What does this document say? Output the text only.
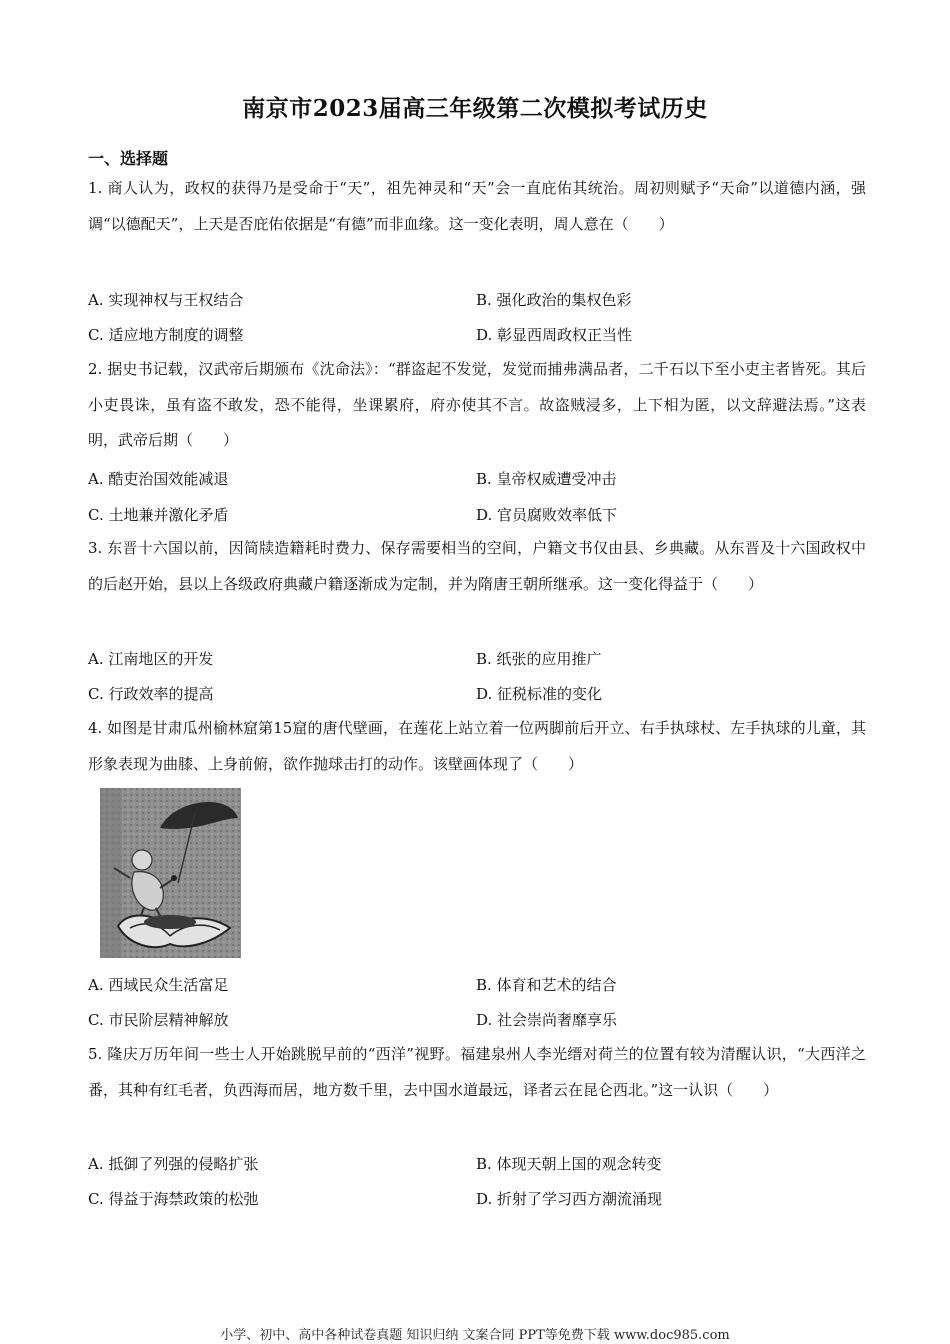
南京市2023届高三年级第二次模拟考试历史
一、选择题
1. 商人认为，政权的获得乃是受命于“天”，祖先神灵和“天”会一直庇佑其统治。周初则赋予“天命”以道德内涵，强调“以德配天”，上天是否庇佑依据是“有德”而非血缘。这一变化表明，周人意在（　　）
A. 实现神权与王权结合	B. 强化政治的集权色彩
C. 适应地方制度的调整	D. 彰显西周政权正当性
2. 据史书记载，汉武帝后期颁布《沈命法》：“群盗起不发觉，发觉而捕弗满品者，二千石以下至小吏主者皆死。其后小吏畏诛，虽有盗不敢发，恐不能得，坐课累府，府亦使其不言。故盗贼浸多，上下相为匿，以文辞避法焉。”这表明，武帝后期（　　）
A. 酷吏治国效能减退	B. 皇帝权威遭受冲击
C. 土地兼并激化矛盾	D. 官员腐败效率低下
3. 东晋十六国以前，因简牍造籍耗时费力、保存需要相当的空间，户籍文书仅由县、乡典藏。从东晋及十六国政权中的后赵开始，县以上各级政府典藏户籍逐渐成为定制，并为隋唐王朝所继承。这一变化得益于（　　）
A. 江南地区的开发	B. 纸张的应用推广
C. 行政效率的提高	D. 征税标准的变化
4. 如图是甘肃瓜州榆林窟第15窟的唐代壁画，在莲花上站立着一位两脚前后开立、右手执球杖、左手执球的儿童，其形象表现为曲膝、上身前俯，欲作抛球击打的动作。该壁画体现了（　　）
A. 西域民众生活富足	B. 体育和艺术的结合
C. 市民阶层精神解放	D. 社会崇尚奢靡享乐
5. 隆庆万历年间一些士人开始跳脱早前的“西洋”视野。福建泉州人李光缙对荷兰的位置有较为清醒认识，“大西洋之番，其种有红毛者，负西海而居，地方数千里，去中国水道最远，译者云在昆仑西北。”这一认识（　　）
A. 抵御了列强的侵略扩张	B. 体现天朝上国的观念转变
C. 得益于海禁政策的松弛	D. 折射了学习西方潮流涌现
小学、初中、高中各种试卷真题 知识归纳 文案合同 PPT等免费下载 www.doc985.com
